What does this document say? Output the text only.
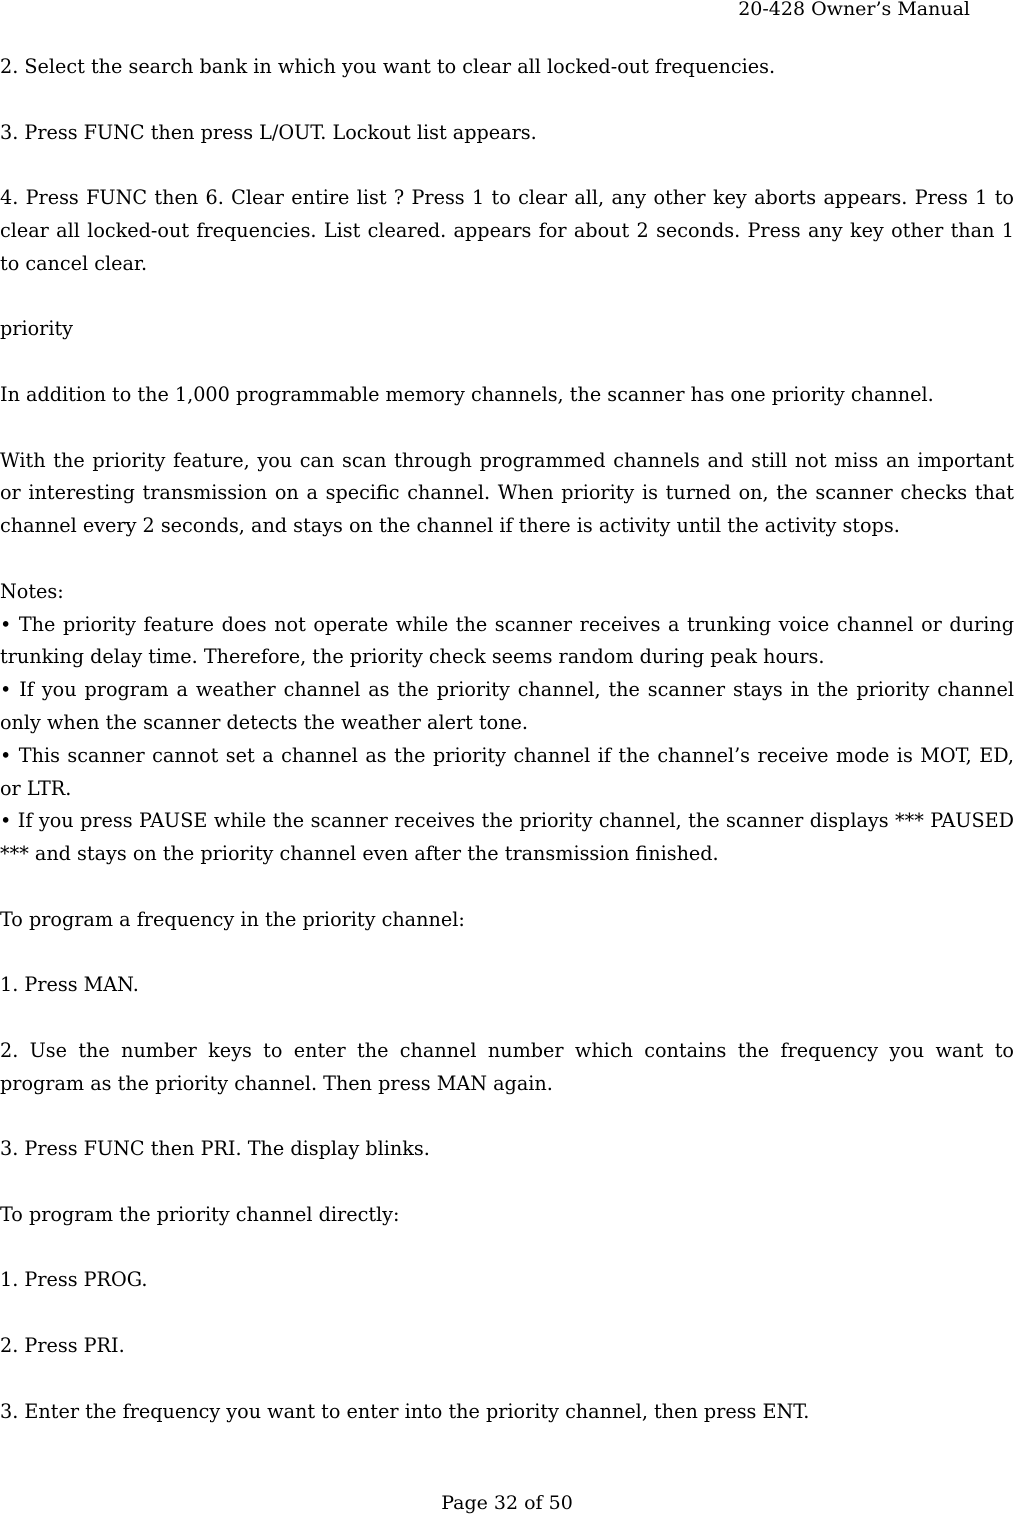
20-428 Owner’s Manual

2. Select the search bank in which you want to clear all locked-out frequencies.

3. Press FUNC then press L/OUT. Lockout list appears.

4. Press FUNC then 6. Clear entire list ? Press 1 to clear all, any other key aborts appears. Press 1 to clear all locked-out frequencies. List cleared. appears for about 2 seconds. Press any key other than 1 to cancel clear.

priority

In addition to the 1,000 programmable memory channels, the scanner has one priority channel.

With the priority feature, you can scan through programmed channels and still not miss an important or interesting transmission on a specific channel. When priority is turned on, the scanner checks that channel every 2 seconds, and stays on the channel if there is activity until the activity stops.

Notes:

• The priority feature does not operate while the scanner receives a trunking voice channel or during trunking delay time. Therefore, the priority check seems random during peak hours.

• If you program a weather channel as the priority channel, the scanner stays in the priority channel only when the scanner detects the weather alert tone.

• This scanner cannot set a channel as the priority channel if the channel’s receive mode is MOT, ED, or LTR.

• If you press PAUSE while the scanner receives the priority channel, the scanner displays *** PAUSED *** and stays on the priority channel even after the transmission finished.

To program a frequency in the priority channel:

1. Press MAN.

2. Use the number keys to enter the channel number which contains the frequency you want to program as the priority channel. Then press MAN again.

3. Press FUNC then PRI. The display blinks.

To program the priority channel directly:

1. Press PROG.

2. Press PRI.

3. Enter the frequency you want to enter into the priority channel, then press ENT.

Page 32 of 50
